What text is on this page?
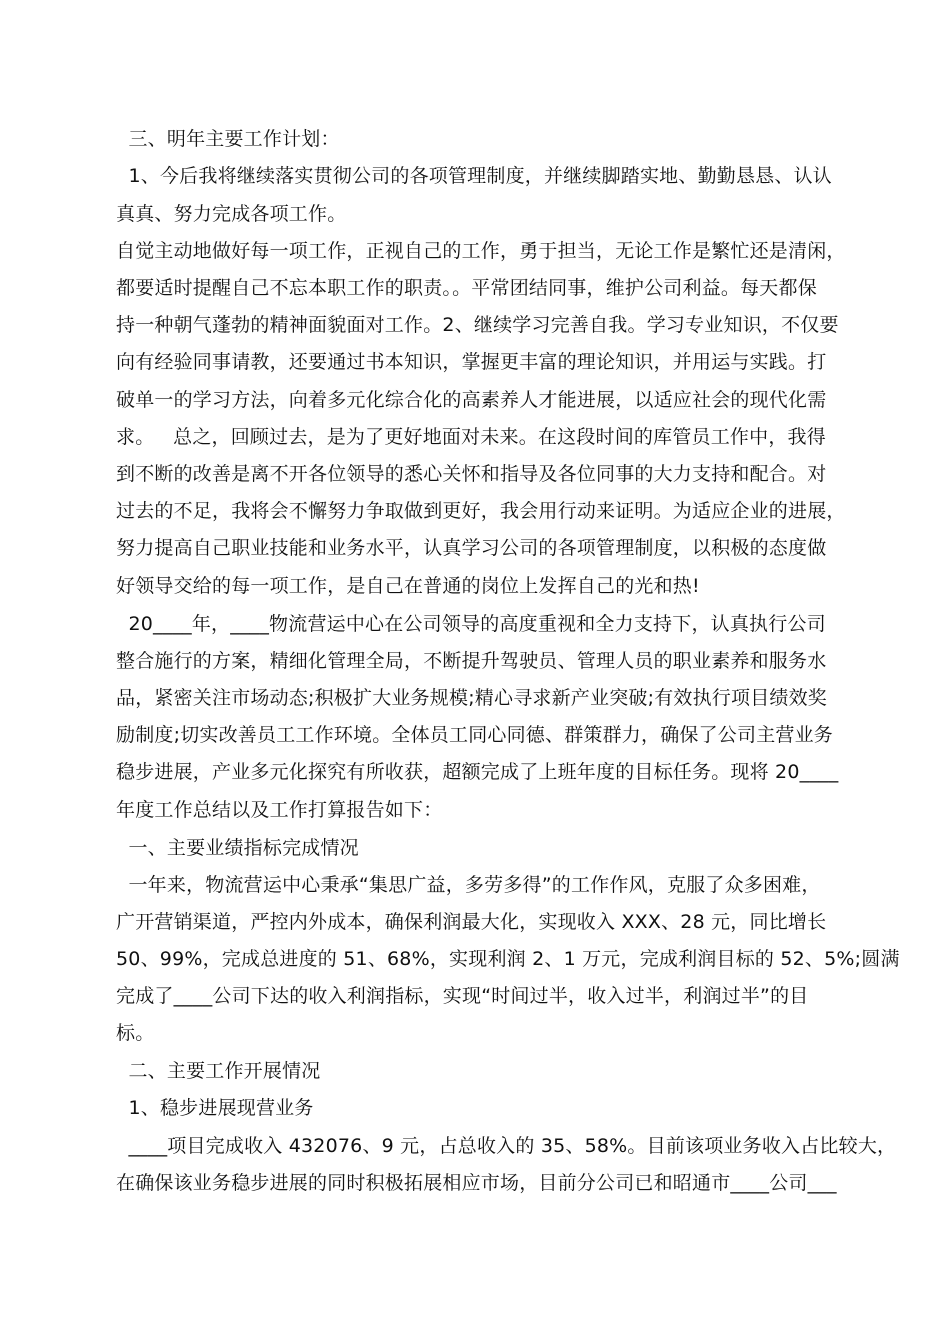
三、明年主要工作计划：
1、今后我将继续落实贯彻公司的各项管理制度，并继续脚踏实地、勤勤恳恳、认认
真真、努力完成各项工作。
自觉主动地做好每一项工作，正视自己的工作，勇于担当，无论工作是繁忙还是清闲，
都要适时提醒自己不忘本职工作的职责。。平常团结同事，维护公司利益。每天都保
持一种朝气蓬勃的精神面貌面对工作。2、继续学习完善自我。学习专业知识，不仅要
向有经验同事请教，还要通过书本知识，掌握更丰富的理论知识，并用运与实践。打
破单一的学习方法，向着多元化综合化的高素养人才能进展，以适应社会的现代化需
求。   总之，回顾过去，是为了更好地面对未来。在这段时间的库管员工作中，我得
到不断的改善是离不开各位领导的悉心关怀和指导及各位同事的大力支持和配合。对
过去的不足，我将会不懈努力争取做到更好，我会用行动来证明。为适应企业的进展，
努力提高自己职业技能和业务水平，认真学习公司的各项管理制度，以积极的态度做
好领导交给的每一项工作，是自己在普通的岗位上发挥自己的光和热!
20____年，____物流营运中心在公司领导的高度重视和全力支持下，认真执行公司
整合施行的方案，精细化管理全局，不断提升驾驶员、管理人员的职业素养和服务水
品，紧密关注市场动态;积极扩大业务规模;精心寻求新产业突破;有效执行项目绩效奖
励制度;切实改善员工工作环境。全体员工同心同德、群策群力，确保了公司主营业务
稳步进展，产业多元化探究有所收获，超额完成了上班年度的目标任务。现将 20____
年度工作总结以及工作打算报告如下：
一、主要业绩指标完成情况
一年来，物流营运中心秉承“集思广益，多劳多得”的工作作风，克服了众多困难，
广开营销渠道，严控内外成本，确保利润最大化，实现收入 XXX、28 元，同比增长
50、99%，完成总进度的 51、68%，实现利润 2、1 万元，完成利润目标的 52、5%;圆满
完成了____公司下达的收入利润指标，实现“时间过半，收入过半，利润过半”的目
标。
二、主要工作开展情况
1、稳步进展现营业务
____项目完成收入 432076、9 元，占总收入的 35、58%。目前该项业务收入占比较大，
在确保该业务稳步进展的同时积极拓展相应市场，目前分公司已和昭通市____公司___
